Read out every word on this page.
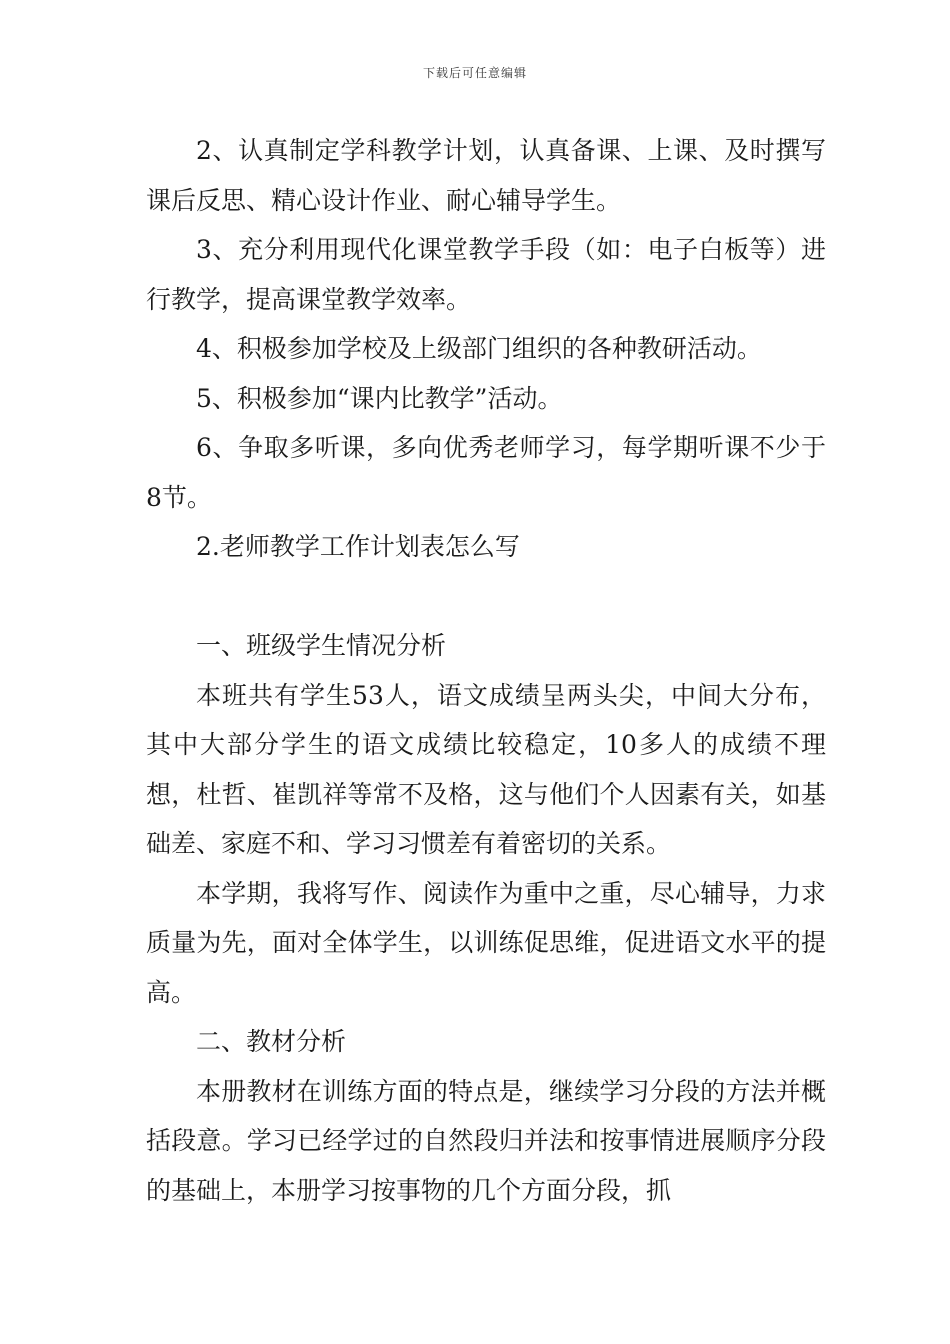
下载后可任意编辑

2、认真制定学科教学计划，认真备课、上课、及时撰写课后反思、精心设计作业、耐心辅导学生。

3、充分利用现代化课堂教学手段（如：电子白板等）进行教学，提高课堂教学效率。

4、积极参加学校及上级部门组织的各种教研活动。

5、积极参加“课内比教学”活动。

6、争取多听课，多向优秀老师学习，每学期听课不少于8节。

2.老师教学工作计划表怎么写

一、班级学生情况分析

本班共有学生53人，语文成绩呈两头尖，中间大分布，其中大部分学生的语文成绩比较稳定，10多人的成绩不理想，杜哲、崔凯祥等常不及格，这与他们个人因素有关，如基础差、家庭不和、学习习惯差有着密切的关系。

本学期，我将写作、阅读作为重中之重，尽心辅导，力求质量为先，面对全体学生，以训练促思维，促进语文水平的提高。

二、教材分析

本册教材在训练方面的特点是，继续学习分段的方法并概括段意。学习已经学过的自然段归并法和按事情进展顺序分段的基础上，本册学习按事物的几个方面分段，抓
